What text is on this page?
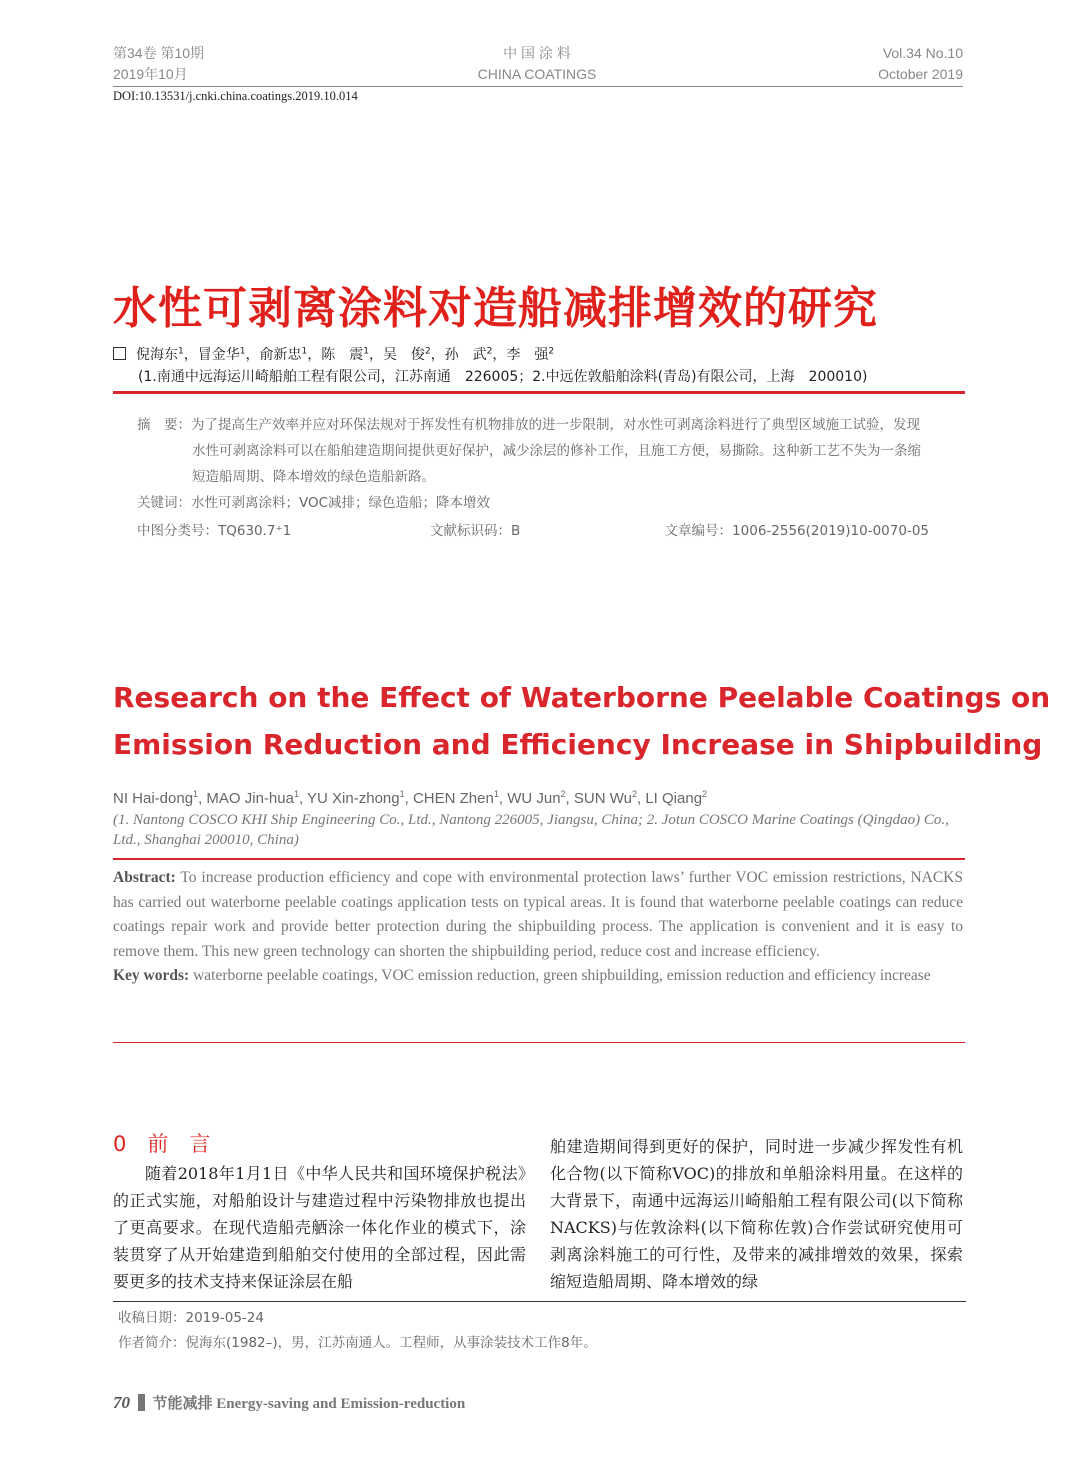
第34卷 第10期
2019年10月
中 国 涂 料
CHINA COATINGS
Vol.34 No.10
October 2019
DOI:10.13531/j.cnki.china.coatings.2019.10.014
水性可剥离涂料对造船减排增效的研究
倪海东$^1$，冒金华$^1$，俞新忠$^1$，陈　震$^1$，吴　俊$^2$，孙　武$^2$，李　强$^2$
(1.南通中远海运川崎船舶工程有限公司，江苏南通　226005；2.中远佐敦船舶涂料(青岛)有限公司，上海　200010)
摘　要：为了提高生产效率并应对环保法规对于挥发性有机物排放的进一步限制，对水性可剥离涂料进行了典型区域施工试验，发现水性可剥离涂料可以在船舶建造期间提供更好保护，减少涂层的修补工作，且施工方便，易撕除。这种新工艺不失为一条缩短造船周期、降本增效的绿色造船新路。
关键词：水性可剥离涂料；VOC减排；绿色造船；降本增效
中图分类号：TQ630.7⁺1	文献标识码：B	文章编号：1006-2556(2019)10-0070-05
Research on the Effect of Waterborne Peelable Coatings on
Emission Reduction and Efficiency Increase in Shipbuilding
NI Hai-dong$^1$, MAO Jin-hua$^1$, YU Xin-zhong$^1$, CHEN Zhen$^1$, WU Jun$^2$, SUN Wu$^2$, LI Qiang$^2$
(1. Nantong COSCO KHI Ship Engineering Co., Ltd., Nantong 226005, Jiangsu, China; 2. Jotun COSCO Marine Coatings (Qingdao) Co., Ltd., Shanghai 200010, China)
Abstract: To increase production efficiency and cope with environmental protection laws’ further VOC emission restrictions, NACKS has carried out waterborne peelable coatings application tests on typical areas. It is found that waterborne peelable coatings can reduce coatings repair work and provide better protection during the shipbuilding process. The application is convenient and it is easy to remove them. This new green technology can shorten the shipbuilding period, reduce cost and increase efficiency.
Key words: waterborne peelable coatings, VOC emission reduction, green shipbuilding, emission reduction and efficiency increase
0　前　言
随着2018年1月1日《中华人民共和国环境保护税法》的正式实施，对船舶设计与建造过程中污染物排放也提出了更高要求。在现代造船壳舾涂一体化作业的模式下，涂装贯穿了从开始建造到船舶交付使用的全部过程，因此需要更多的技术支持来保证涂层在船
舶建造期间得到更好的保护，同时进一步减少挥发性有机化合物(以下简称VOC)的排放和单船涂料用量。在这样的大背景下，南通中远海运川崎船舶工程有限公司(以下简称NACKS)与佐敦涂料(以下简称佐敦)合作尝试研究使用可剥离涂料施工的可行性，及带来的减排增效的效果，探索缩短造船周期、降本增效的绿
收稿日期：2019-05-24
作者简介：倪海东(1982–)，男，江苏南通人。工程师，从事涂装技术工作8年。
70 节能减排 Energy-saving and Emission-reduction
